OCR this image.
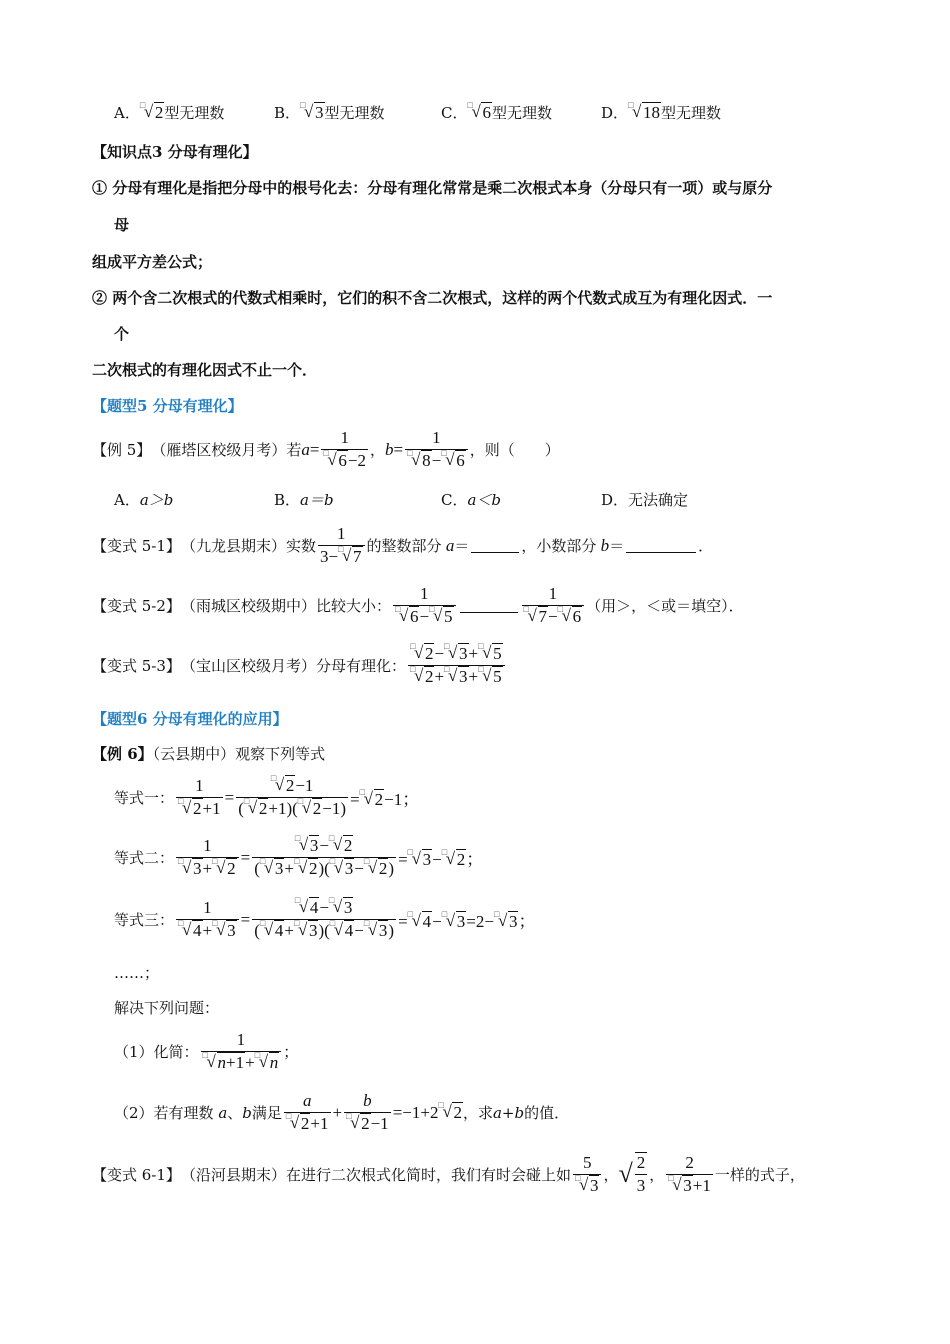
A． □
√ 2型无理数	B． □
√ 3型无理数	C． □
√ 6型无理数	D． □
√ 18型无理数
【知识点3 分母有理化】
① 分母有理化是指把分母中的根号化去：分母有理化常常是乘二次根式本身（分母只有一项）或与原分
母
组成平方差公式；
② 两个含二次根式的代数式相乘时，它们的积不含二次根式，这样的两个代数式成互为有理化因式．一
个
二次根式的有理化因式不止一个．
【题型5 分母有理化】
【例 5】 （雁塔区校级月考）若 a = 1
□
√ 6−2 ， b = 1
□
√ 8− □
√ 6 ，则（　　）
A．a＞b	B．a＝b	C．a＜b	D．无法确定
【变式 5-1】 （九龙县期末）实数 1
3− □
√ 7 的整数部分 a ＝	，小数部分 b ＝	．
【变式 5-2】 （雨城区校级期中）比较大小： 1
□
√ 6− □
√ 5	1
□
√ 7− □
√ 6 （用＞，＜或＝填空）．
【变式 5-3】 （宝山区校级月考）分母有理化： □
√ 2− □
√ 3+ □
√ 5
□
√ 2+ □
√ 3+ □
√ 5
【题型6 分母有理化的应用】
【例 6】（云县期中）观察下列等式
等式一： 1
□
√ 2+1 = □
√ 2−1
( □
√ 2+1)( □
√ 2−1) = □
√ 2−1；
等式二： 1
□
√ 3+ □
√ 2 = □
√ 3− □
√ 2
( □
√ 3+ □
√ 2)( □
√ 3− □
√ 2) = □
√ 3− □
√ 2；
等式三： 1
□
√ 4+ □
√ 3 = □
√ 4− □
√ 3
( □
√ 4+ □
√ 3)( □
√ 4− □
√ 3) = □
√ 4− □
√ 3=2− □
√ 3；
……；
解决下列问题：
（1）化简： 1
□
√ n+1+ □
√ n ；
（2）若有理数 a 、 b 满足 a
□
√ 2+1 + b
□
√ 2−1 =−1+2 □
√ 2 ，求 a + b 的值．
【变式 6-1】 （沿河县期末）在进行二次根式化简时，我们有时会碰上如 5
□
√ 3 ， √ $\frac{2}{3}$ ， 2
□
√ 3+1 一样的式子，
